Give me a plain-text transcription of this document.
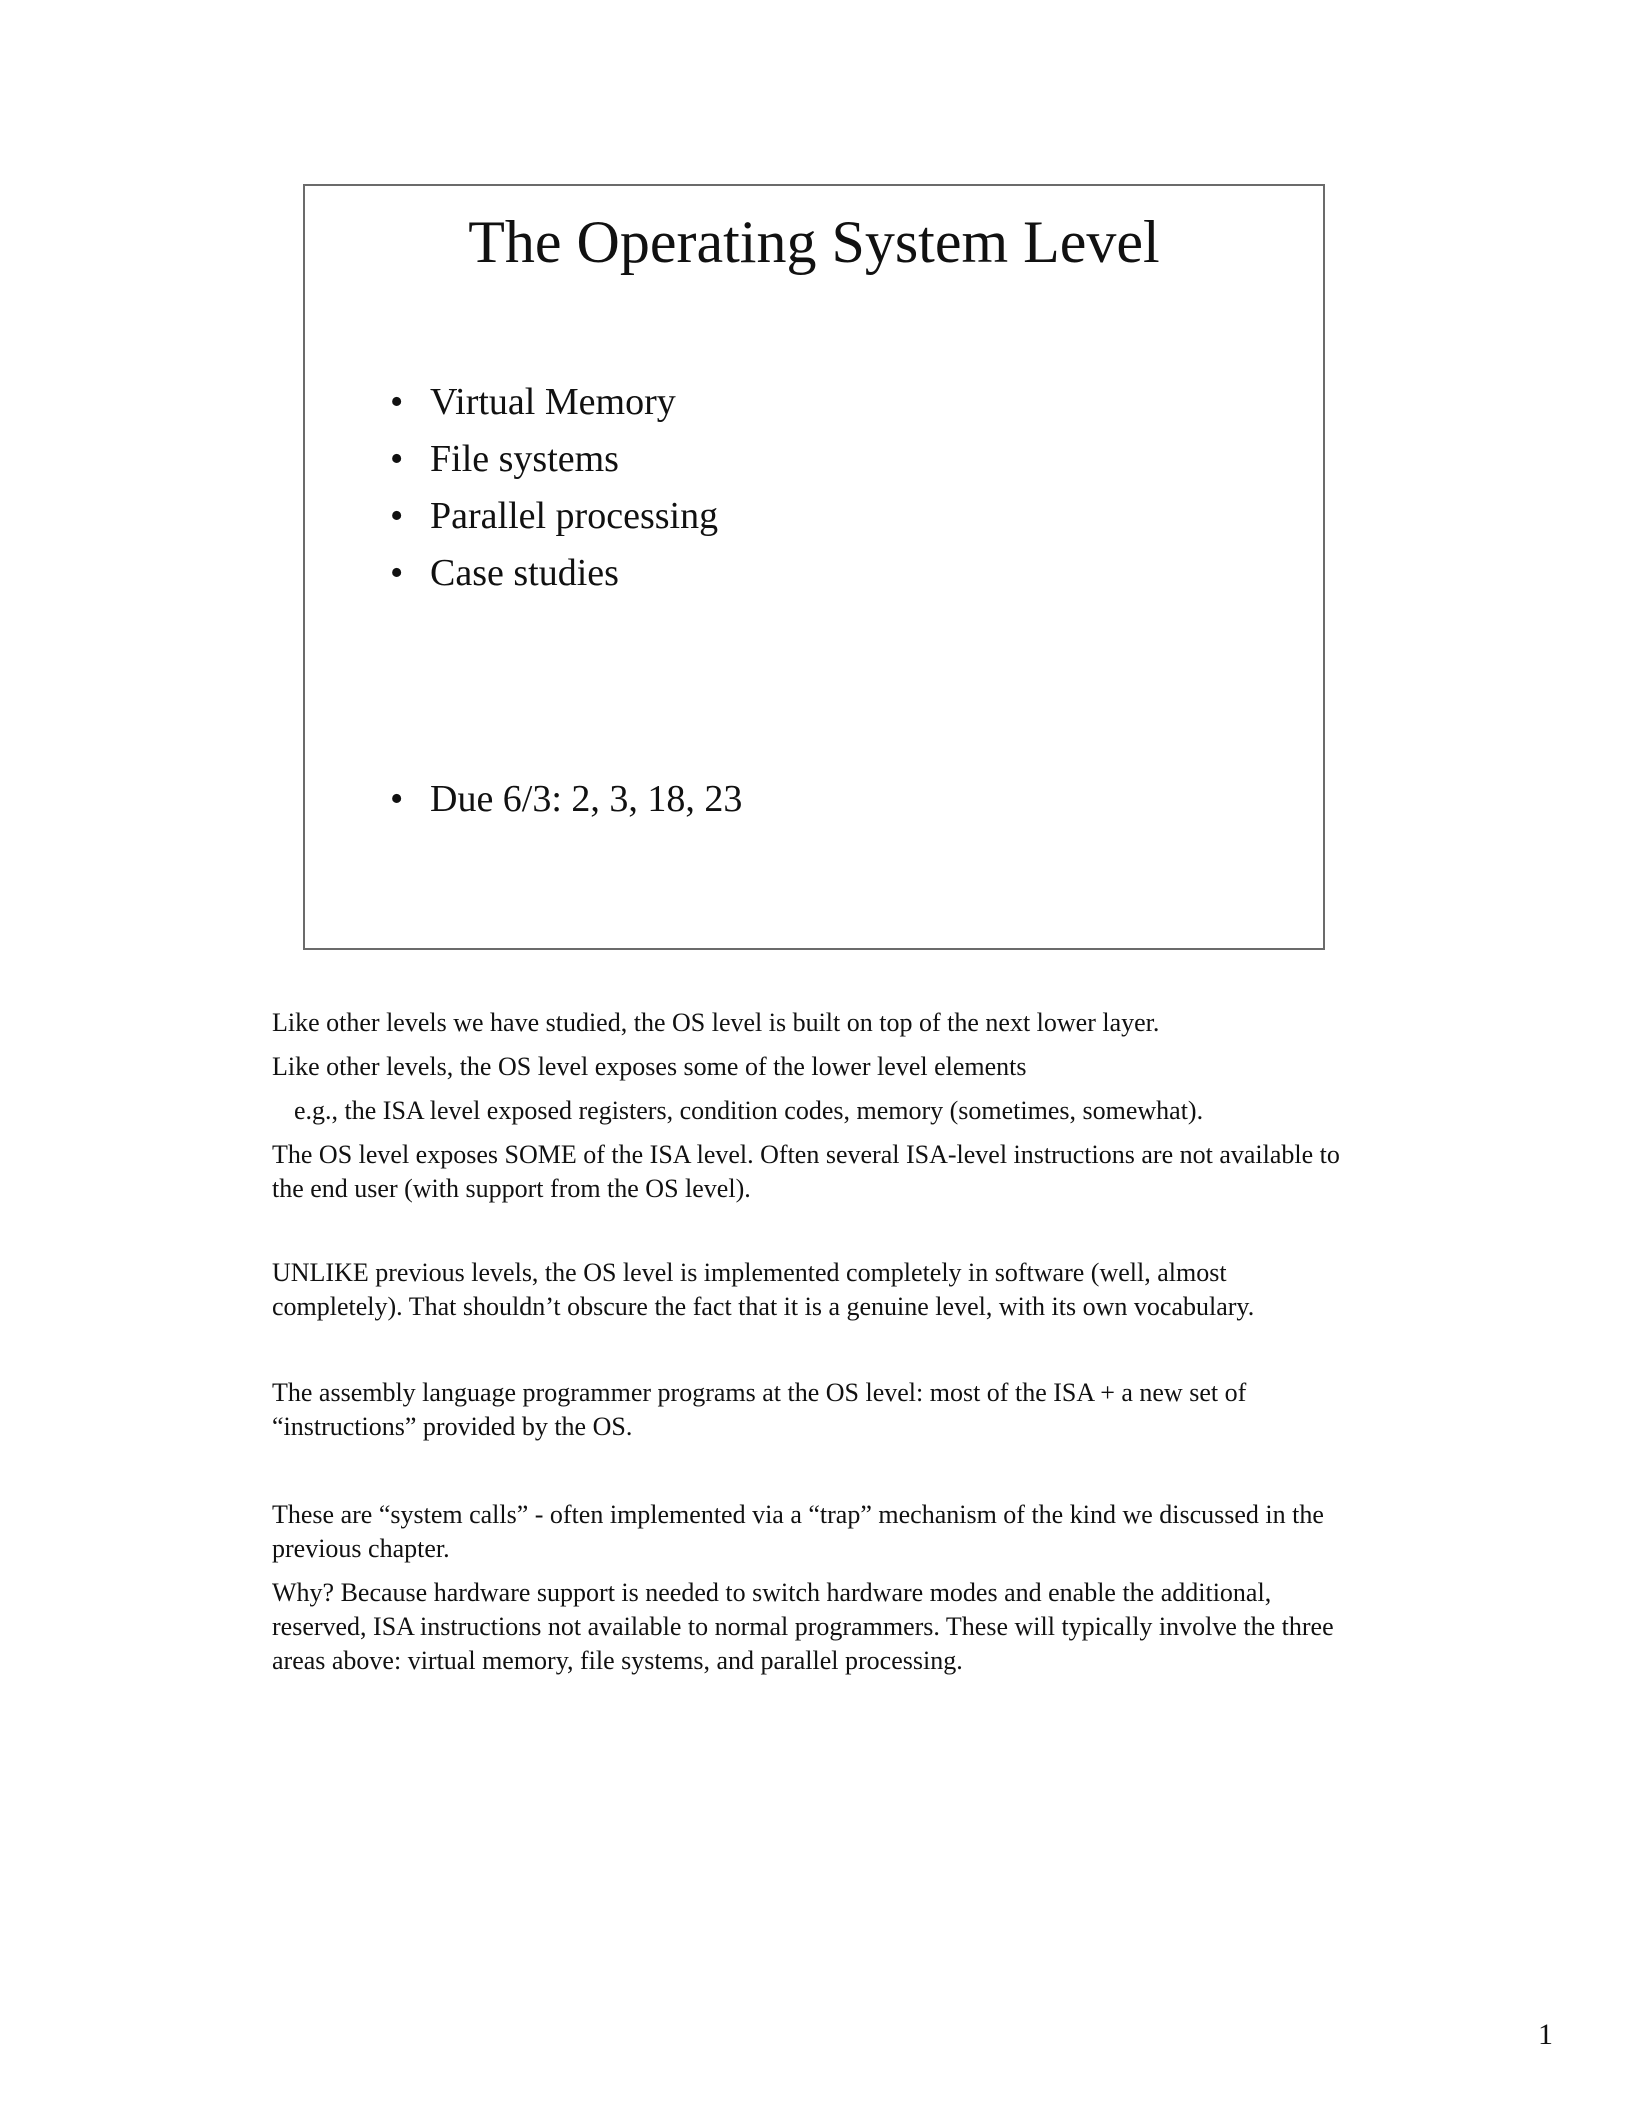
The Operating System Level
• Virtual Memory
• File systems
• Parallel processing
• Case studies
• Due 6/3: 2, 3, 18, 23

Like other levels we have studied, the OS level is built on top of the next lower layer.

Like other levels, the OS level exposes some of the lower level elements

e.g., the ISA level exposed registers, condition codes, memory (sometimes, somewhat).

The OS level exposes SOME of the ISA level. Often several ISA-level instructions are not available to the end user (with support from the OS level).

UNLIKE previous levels, the OS level is implemented completely in software (well, almost completely). That shouldn’t obscure the fact that it is a genuine level, with its own vocabulary.

The assembly language programmer programs at the OS level: most of the ISA + a new set of “instructions” provided by the OS.

These are “system calls” - often implemented via a “trap” mechanism of the kind we discussed in the previous chapter.

Why? Because hardware support is needed to switch hardware modes and enable the additional, reserved, ISA instructions not available to normal programmers. These will typically involve the three areas above: virtual memory, file systems, and parallel processing.

1
